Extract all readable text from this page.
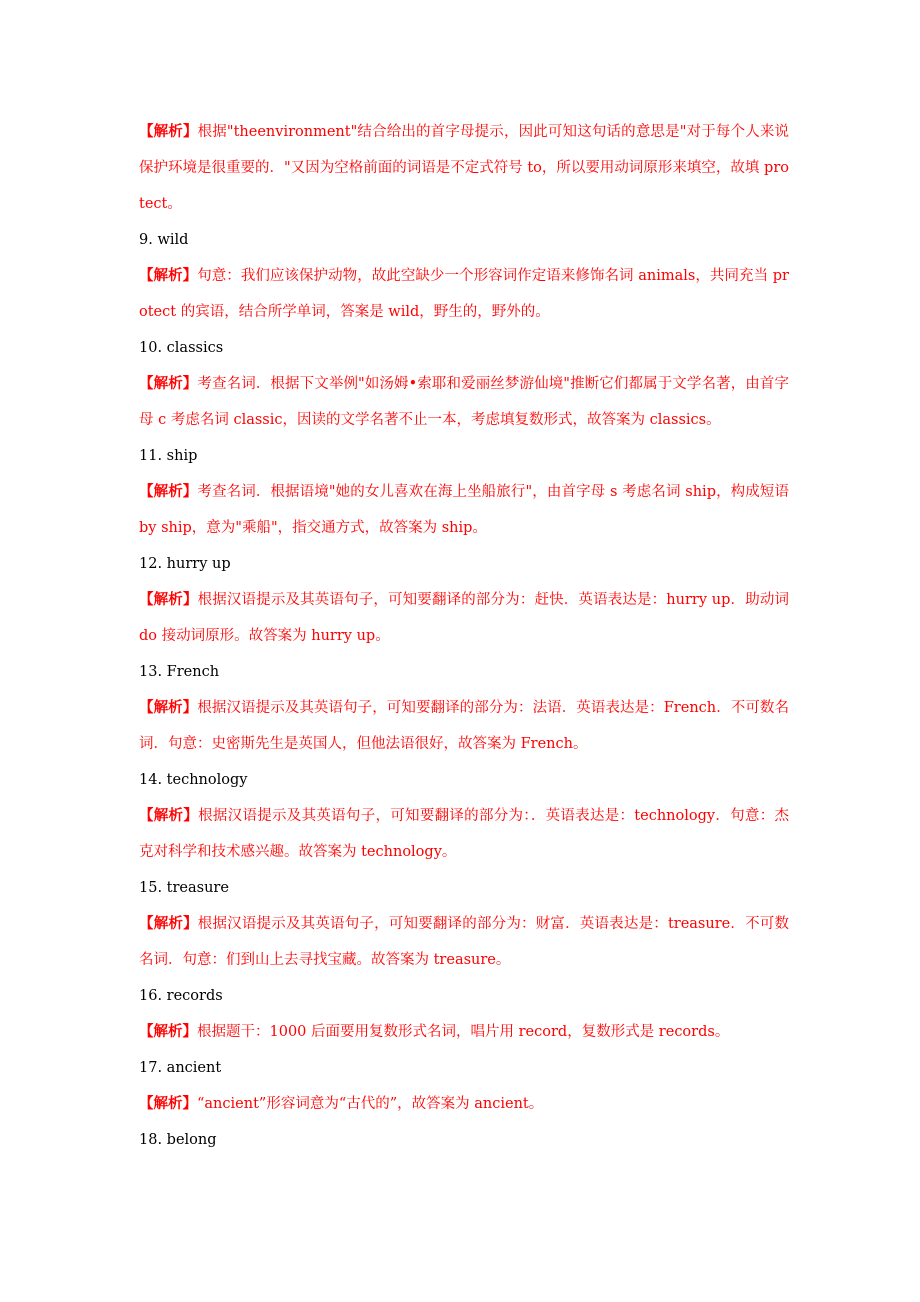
【解析】根据"theenvironment"结合给出的首字母提示，因此可知这句话的意思是"对于每个人来说保护环境是很重要的．"又因为空格前面的词语是不定式符号 to，所以要用动词原形来填空，故填 protect。
9. wild
【解析】句意：我们应该保护动物，故此空缺少一个形容词作定语来修饰名词 animals，共同充当 protect 的宾语，结合所学单词，答案是 wild，野生的，野外的。
10. classics
【解析】考查名词．根据下文举例"如汤姆•索耶和爱丽丝梦游仙境"推断它们都属于文学名著，由首字母 c 考虑名词 classic，因读的文学名著不止一本，考虑填复数形式，故答案为 classics。
11. ship
【解析】考查名词．根据语境"她的女儿喜欢在海上坐船旅行"，由首字母 s 考虑名词 ship，构成短语 by ship，意为"乘船"，指交通方式，故答案为 ship。
12. hurry up
【解析】根据汉语提示及其英语句子，可知要翻译的部分为：赶快．英语表达是：hurry up．助动词 do 接动词原形。故答案为 hurry up。
13. French
【解析】根据汉语提示及其英语句子，可知要翻译的部分为：法语．英语表达是：French．不可数名词．句意：史密斯先生是英国人，但他法语很好，故答案为 French。
14. technology
【解析】根据汉语提示及其英语句子，可知要翻译的部分为：．英语表达是：technology．句意：杰克对科学和技术感兴趣。故答案为 technology。
15. treasure
【解析】根据汉语提示及其英语句子，可知要翻译的部分为：财富．英语表达是：treasure．不可数名词．句意：们到山上去寻找宝藏。故答案为 treasure。
16. records
【解析】根据题干：1000 后面要用复数形式名词，唱片用 record，复数形式是 records。
17. ancient
【解析】“ancient”形容词意为“古代的”，故答案为 ancient。
18. belong
